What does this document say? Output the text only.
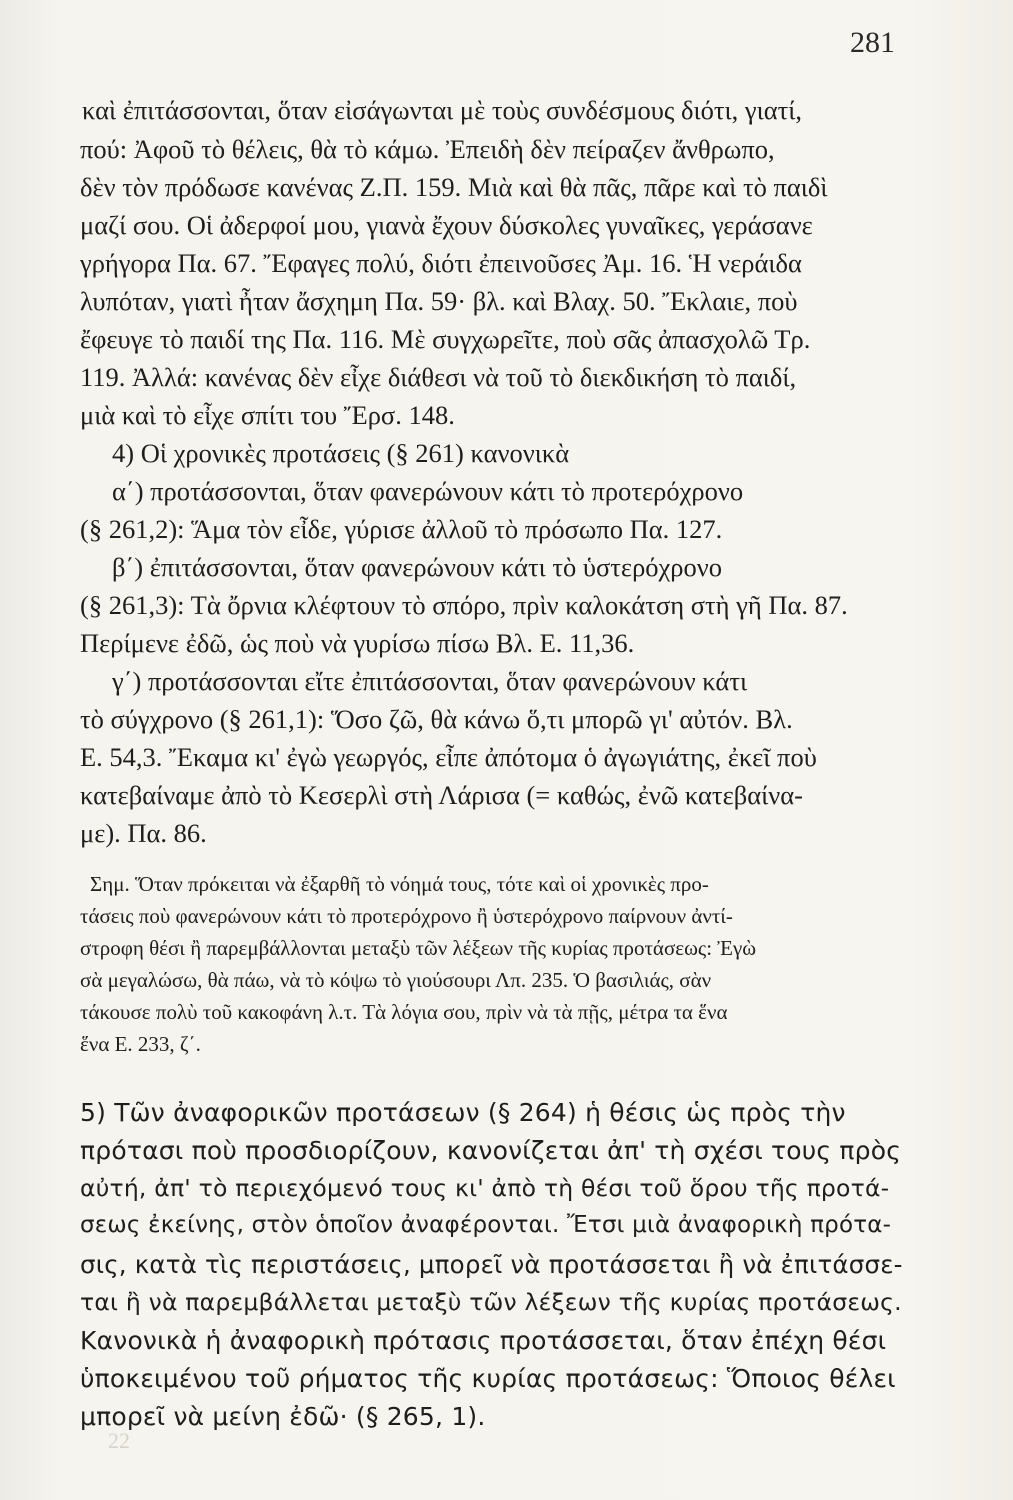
281
καὶ ἐπιτάσσονται, ὅταν εἰσάγωνται μὲ τοὺς συνδέσμους διότι, γιατί,
πού: Ἀφοῦ τὸ θέλεις, θὰ τὸ κάμω. Ἐπειδὴ δὲν πείραζεν ἄνθρωπο,
δὲν τὸν πρόδωσε κανένας Ζ.Π. 159. Μιὰ καὶ θὰ πᾶς, πᾶρε καὶ τὸ παιδὶ
μαζί σου. Οἱ ἀδερφοί μου, γιανὰ ἔχουν δύσκολες γυναῖκες, γεράσανε
γρήγορα Πα. 67. Ἔφαγες πολύ, διότι ἐπεινοῦσες Ἀμ. 16. Ἡ νεράιδα
λυπόταν, γιατὶ ἦταν ἄσχημη Πα. 59· βλ. καὶ Βλαχ. 50. Ἔκλαιε, ποὺ
ἔφευγε τὸ παιδί της Πα. 116. Μὲ συγχωρεῖτε, ποὺ σᾶς ἀπασχολῶ Τρ.
119. Ἀλλά: κανένας δὲν εἶχε διάθεσι νὰ τοῦ τὸ διεκδικήση τὸ παιδί,
μιὰ καὶ τὸ εἶχε σπίτι του Ἔρσ. 148.
4) Οἱ χρονικὲς προτάσεις (§ 261) κανονικὰ
α΄) προτάσσονται, ὅταν φανερώνουν κάτι τὸ προτερόχρονο
(§ 261,2): Ἅμα τὸν εἶδε, γύρισε ἀλλοῦ τὸ πρόσωπο Πα. 127.
β΄) ἐπιτάσσονται, ὅταν φανερώνουν κάτι τὸ ὑστερόχρονο
(§ 261,3): Τὰ ὄρνια κλέφτουν τὸ σπόρο, πρὶν καλοκάτση στὴ γῆ Πα. 87.
Περίμενε ἐδῶ, ὡς ποὺ νὰ γυρίσω πίσω Βλ. Ε. 11,36.
γ΄) προτάσσονται εἴτε ἐπιτάσσονται, ὅταν φανερώνουν κάτι
τὸ σύγχρονο (§ 261,1): Ὅσο ζῶ, θὰ κάνω ὅ,τι μπορῶ γι' αὐτόν. Βλ.
Ε. 54,3. Ἔκαμα κι' ἐγὼ γεωργός, εἶπε ἀπότομα ὁ ἀγωγιάτης, ἐκεῖ ποὺ
κατεβαίναμε ἀπὸ τὸ Κεσερλὶ στὴ Λάρισα (= καθώς, ἐνῶ κατεβαίνα-
με). Πα. 86.
Σημ. Ὅταν πρόκειται νὰ ἐξαρθῆ τὸ νόημά τους, τότε καὶ οἱ χρονικὲς προ-
τάσεις ποὺ φανερώνουν κάτι τὸ προτερόχρονο ἢ ὑστερόχρονο παίρνουν ἀντί-
στροφη θέσι ἢ παρεμβάλλονται μεταξὺ τῶν λέξεων τῆς κυρίας προτάσεως: Ἐγὼ
σὰ μεγαλώσω, θὰ πάω, νὰ τὸ κόψω τὸ γιούσουρι Λπ. 235. Ὁ βασιλιάς, σὰν
τάκουσε πολὺ τοῦ κακοφάνη λ.τ. Τὰ λόγια σου, πρὶν νὰ τὰ πῇς, μέτρα τα ἕνα
ἕνα Ε. 233, ζ΄.
5) Τῶν ἀναφορικῶν προτάσεων (§ 264) ἡ θέσις ὡς πρὸς τὴν
πρότασι ποὺ προσδιορίζουν, κανονίζεται ἀπ' τὴ σχέσι τους πρὸς
αὐτή, ἀπ' τὸ περιεχόμενό τους κι' ἀπὸ τὴ θέσι τοῦ ὅρου τῆς προτά-
σεως ἐκείνης, στὸν ὁποῖον ἀναφέρονται. Ἔτσι μιὰ ἀναφορικὴ πρότα-
σις, κατὰ τὶς περιστάσεις, μπορεῖ νὰ προτάσσεται ἢ νὰ ἐπιτάσσε-
ται ἢ νὰ παρεμβάλλεται μεταξὺ τῶν λέξεων τῆς κυρίας προτάσεως.
Κανονικὰ ἡ ἀναφορικὴ πρότασις προτάσσεται, ὅταν ἐπέχη θέσι
ὑποκειμένου τοῦ ρήματος τῆς κυρίας προτάσεως: Ὅποιος θέλει
μπορεῖ νὰ μείνη ἐδῶ· (§ 265, 1).
22
